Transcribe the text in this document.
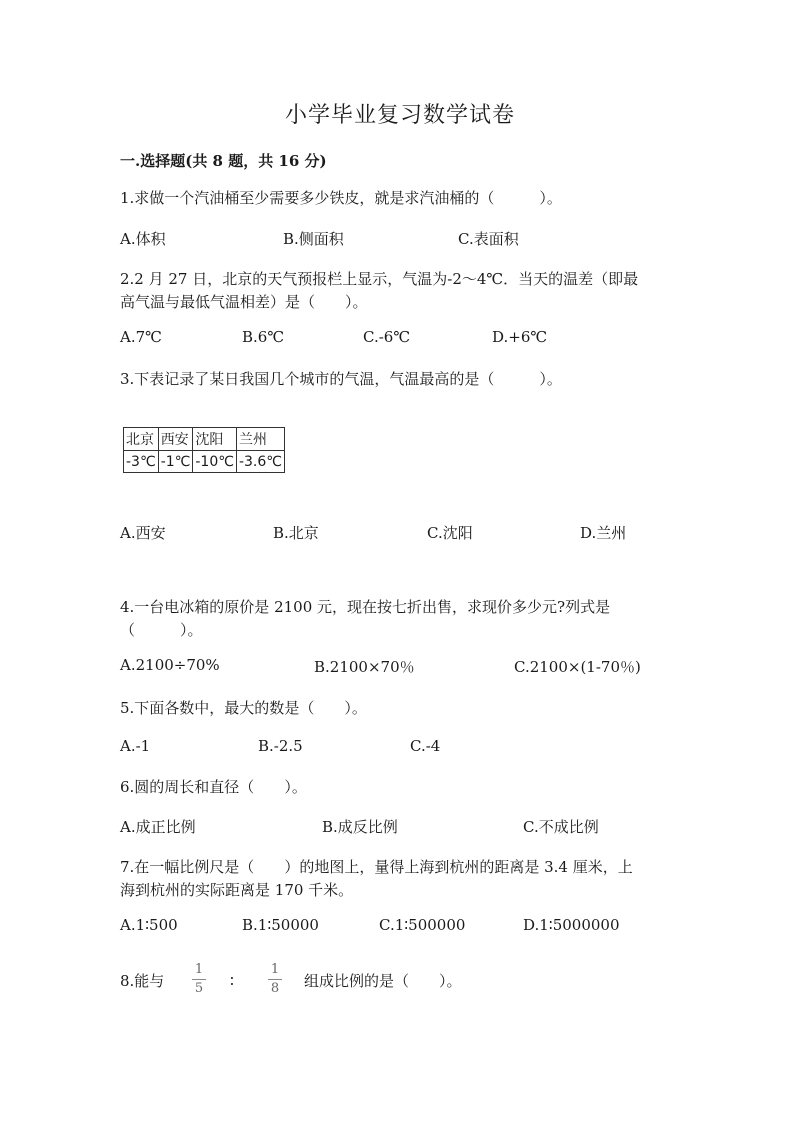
小学毕业复习数学试卷
一.选择题(共 8 题，共 16 分)
1.求做一个汽油桶至少需要多少铁皮，就是求汽油桶的（　　　）。
A.体积	B.侧面积	C.表面积
2.2 月 27 日，北京的天气预报栏上显示，气温为-2～4℃．当天的温差（即最
高气温与最低气温相差）是（　　）。
A.7℃	B.6℃	C.-6℃	D.+6℃
3.下表记录了某日我国几个城市的气温，气温最高的是（　　　）。
北京	西安	沈阳	兰州
-3℃	-1℃	-10℃	-3.6℃
A.西安	B.北京	C.沈阳	D.兰州
4.一台电冰箱的原价是 2100 元，现在按七折出售，求现价多少元?列式是
（　　　）。
A.2100÷70%	B.2100×70％	C.2100×(1-70％)
5.下面各数中，最大的数是（　　）。
A.-1	B.-2.5	C.-4
6.圆的周长和直径（　　）。
A.成正比例	B.成反比例	C.不成比例
7.在一幅比例尺是（　　）的地图上，量得上海到杭州的距离是 3.4 厘米，上
海到杭州的实际距离是 170 千米。
A.1∶500	B.1∶50000	C.1∶500000	D.1∶5000000
8.能与
1
5 ∶
1
8 组成比例的是（　　）。
